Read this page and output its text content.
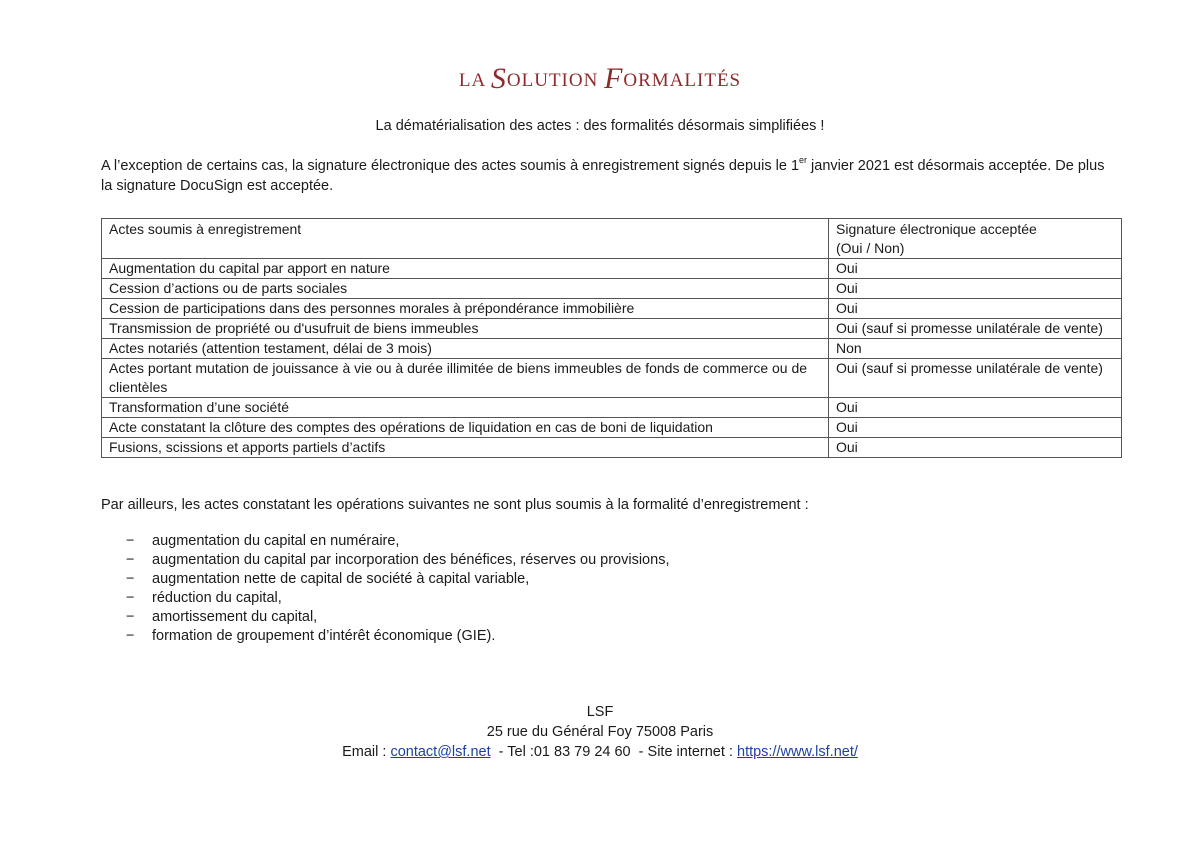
LA SOLUTION FORMALITÉS
La dématérialisation des actes : des formalités désormais simplifiées !
A l’exception de certains cas, la signature électronique des actes soumis à enregistrement signés depuis le 1er janvier 2021 est désormais acceptée. De plus la signature DocuSign est acceptée.
Actes soumis à enregistrement	Signature électronique acceptée
(Oui / Non)
Augmentation du capital par apport en nature	Oui
Cession d’actions ou de parts sociales	Oui
Cession de participations dans des personnes morales à prépondérance immobilière	Oui
Transmission de propriété ou d'usufruit de biens immeubles	Oui (sauf si promesse unilatérale de vente)
Actes notariés (attention testament, délai de 3 mois)	Non
Actes portant mutation de jouissance à vie ou à durée illimitée de biens immeubles de fonds de commerce ou de clientèles	Oui (sauf si promesse unilatérale de vente)
Transformation d’une société	Oui
Acte constatant la clôture des comptes des opérations de liquidation en cas de boni de liquidation	Oui
Fusions, scissions et apports partiels d’actifs	Oui
Par ailleurs, les actes constatant les opérations suivantes ne sont plus soumis à la formalité d’enregistrement :
− augmentation du capital en numéraire,
− augmentation du capital par incorporation des bénéfices, réserves ou provisions,
− augmentation nette de capital de société à capital variable,
− réduction du capital,
− amortissement du capital,
− formation de groupement d’intérêt économique (GIE).
LSF
25 rue du Général Foy 75008 Paris
Email : contact@lsf.net  - Tel :01 83 79 24 60  - Site internet : https://www.lsf.net/
